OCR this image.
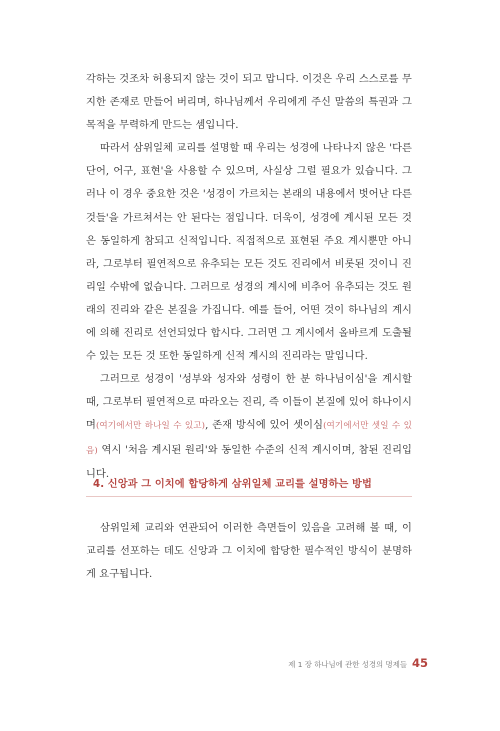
각하는 것조차 허용되지 않는 것이 되고 맙니다. 이것은 우리 스스로를 무지한 존재로 만들어 버리며, 하나님께서 우리에게 주신 말씀의 특권과 그 목적을 무력하게 만드는 셈입니다.

따라서 삼위일체 교리를 설명할 때 우리는 성경에 나타나지 않은 '다른 단어, 어구, 표현'을 사용할 수 있으며, 사실상 그럴 필요가 있습니다. 그러나 이 경우 중요한 것은 '성경이 가르치는 본래의 내용에서 벗어난 다른 것들'을 가르쳐서는 안 된다는 점입니다. 더욱이, 성경에 계시된 모든 것은 동일하게 참되고 신적입니다. 직접적으로 표현된 주요 계시뿐만 아니라, 그로부터 필연적으로 유추되는 모든 것도 진리에서 비롯된 것이니 진리일 수밖에 없습니다. 그러므로 성경의 계시에 비추어 유추되는 것도 원래의 진리와 같은 본질을 가집니다. 예를 들어, 어떤 것이 하나님의 계시에 의해 진리로 선언되었다 합시다. 그러면 그 계시에서 올바르게 도출될 수 있는 모든 것 또한 동일하게 신적 계시의 진리라는 말입니다.

그러므로 성경이 '성부와 성자와 성령이 한 분 하나님이심'을 계시할 때, 그로부터 필연적으로 따라오는 진리, 즉 이들이 본질에 있어 하나이시며(여기에서만 하나일 수 있고), 존재 방식에 있어 셋이심(여기에서만 셋일 수 있음) 역시 '처음 계시된 원리'와 동일한 수준의 신적 계시이며, 참된 진리입니다.

4. 신앙과 그 이치에 합당하게 삼위일체 교리를 설명하는 방법

삼위일체 교리와 연관되어 이러한 측면들이 있음을 고려해 볼 때, 이 교리를 선포하는 데도 신앙과 그 이치에 합당한 필수적인 방식이 분명하게 요구됩니다.

제 1 장 하나님에 관한 성경의 명제들 45
